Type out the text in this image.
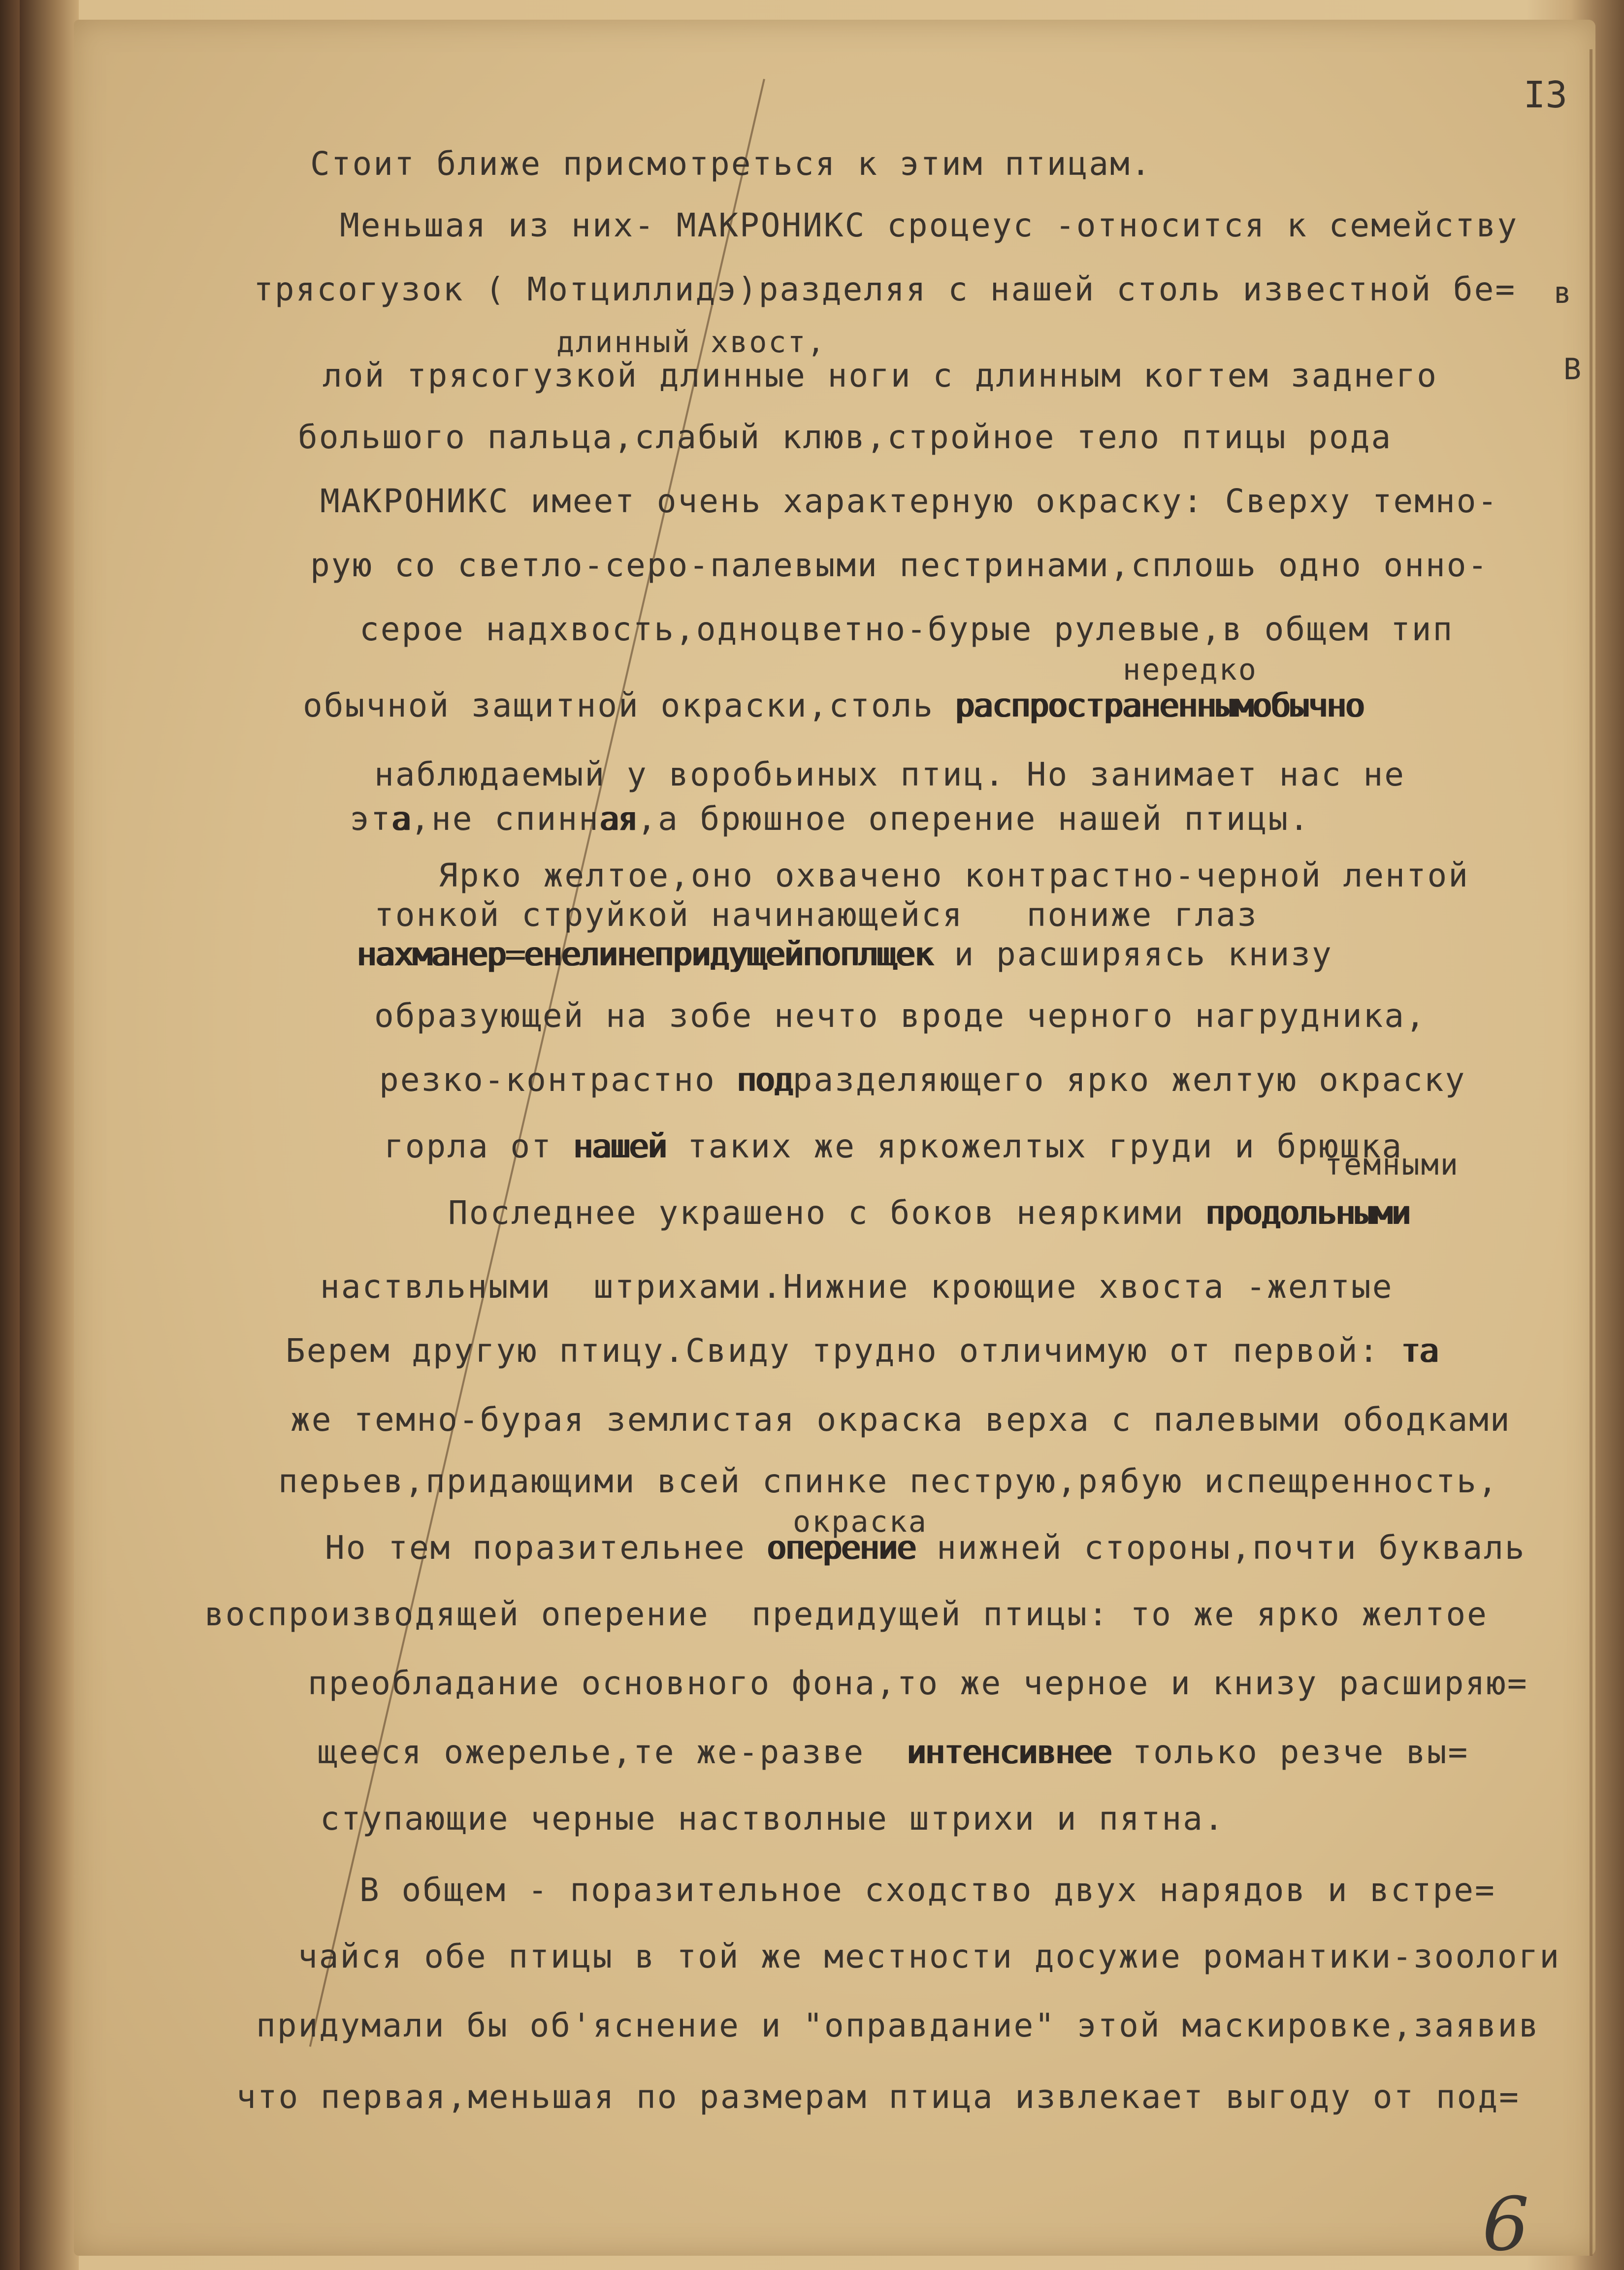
I3
в
В
Стоит ближе присмотреться к этим птицам.
Меньшая из них- МАКРОНИКС сроцеус -относится к семейству
трясогузок ( Мотциллидэ)разделяя с нашей столь известной бе=
длинный хвост,
лой трясогузкой длинные ноги с длинным когтем заднего
большого пальца,слабый клюв,стройное тело птицы рода
МАКРОНИКС имеет очень характерную окраску: Сверху темно-
рую со светло-серо-палевыми пестринами,сплошь одно онно-
серое надхвость,одноцветно-бурые рулевые,в общем тип
нередко
обычной защитной окраски,столь распространеннымобычно
наблюдаемый у воробьиных птиц. Но занимает нас не
эта,не спинная,а брюшное оперение нашей птицы.
Ярко желтое,оно охвачено контрастно-черной лентой
тонкой струйкой начинающейся   пониже глаз
нахманер=енелинепридущейпоплщек и расширяясь книзу
образующей на зобе нечто вроде черного нагрудника,
резко-контрастно подразделяющего ярко желтую окраску
горла от нашей таких же яркожелтых груди и брюшка
темными
Последнее украшено с боков неяркими продольными
наствльными  штрихами.Нижние кроющие хвоста -желтые
Берем другую птицу.Свиду трудно отличимую от первой: та
же темно-бурая землистая окраска верха с палевыми ободками
перьев,придающими всей спинке пеструю,рябую испещренность,
окраска
Но тем поразительнее оперение нижней стороны,почти букваль
воспроизводящей оперение  предидущей птицы: то же ярко желтое
преобладание основного фона,то же черное и книзу расширяю=
щееся ожерелье,те же-разве  интенсивнее только резче вы=
ступающие черные настволные штрихи и пятна.
В общем - поразительное сходство двух нарядов и встре=
чайся обе птицы в той же местности досужие романтики-зоологи
придумали бы об'яснение и "оправдание" этой маскировке,заявив
что первая,меньшая по размерам птица извлекает выгоду от под=
6
